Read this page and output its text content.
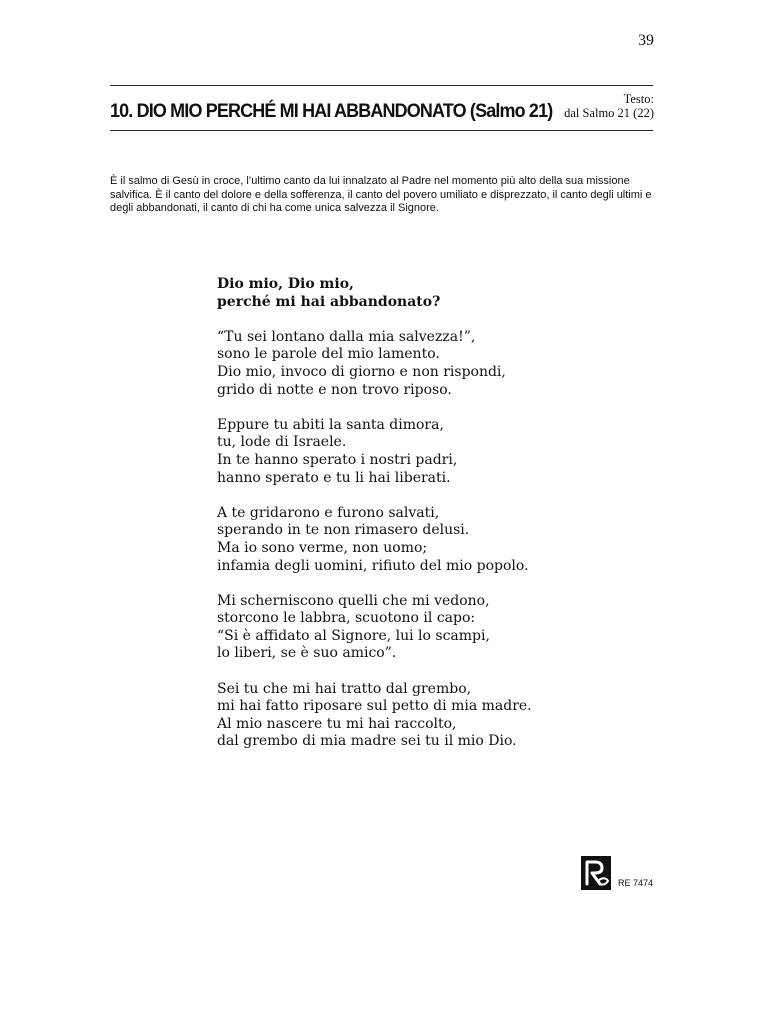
39
10. DIO MIO PERCHÉ MI HAI ABBANDONATO (Salmo 21)
Testo:
dal Salmo 21 (22)

È il salmo di Gesù in croce, l’ultimo canto da lui innalzato al Padre nel momento più alto della sua missione salvifica. È il canto del dolore e della sofferenza, il canto del povero umiliato e disprezzato, il canto degli ultimi e degli abbandonati, il canto di chi ha come unica salvezza il Signore.

Dio mio, Dio mio,
perché mi hai abbandonato?
“Tu sei lontano dalla mia salvezza!”,
sono le parole del mio lamento.
Dio mio, invoco di giorno e non rispondi,
grido di notte e non trovo riposo.
Eppure tu abiti la santa dimora,
tu, lode di Israele.
In te hanno sperato i nostri padri,
hanno sperato e tu li hai liberati.
A te gridarono e furono salvati,
sperando in te non rimasero delusi.
Ma io sono verme, non uomo;
infamia degli uomini, rifiuto del mio popolo.
Mi scherniscono quelli che mi vedono,
storcono le labbra, scuotono il capo:
“Si è affidato al Signore, lui lo scampi,
lo liberi, se è suo amico”.
Sei tu che mi hai tratto dal grembo,
mi hai fatto riposare sul petto di mia madre.
Al mio nascere tu mi hai raccolto,
dal grembo di mia madre sei tu il mio Dio.
RE 7474
